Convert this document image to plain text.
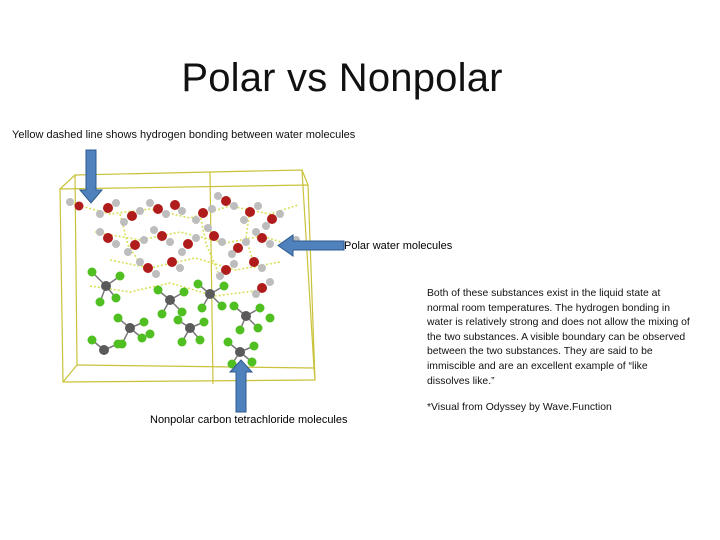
Polar vs Nonpolar
Yellow dashed line shows hydrogen bonding between water molecules
Polar water molecules
Nonpolar carbon tetrachloride molecules
Both of these substances exist in the liquid state at normal room temperatures. The hydrogen bonding in water is relatively strong and does not allow the mixing of the two substances. A visible boundary can be observed between the two substances. They are said to be immiscible and are an excellent example of “like dissolves like.”
*Visual from Odyssey by Wave.Function
